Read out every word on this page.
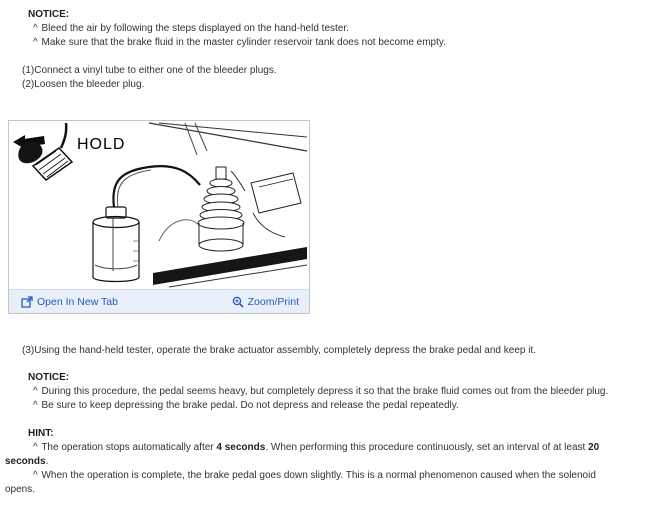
NOTICE:

^ Bleed the air by following the steps displayed on the hand-held tester.

^ Make sure that the brake fluid in the master cylinder reservoir tank does not become empty.

(1)Connect a vinyl tube to either one of the bleeder plugs.

(2)Loosen the bleeder plug.

HOLD
Open In New Tab	Zoom/Print

(3)Using the hand-held tester, operate the brake actuator assembly, completely depress the brake pedal and keep it.

NOTICE:

^ During this procedure, the pedal seems heavy, but completely depress it so that the brake fluid comes out from the bleeder plug.

^ Be sure to keep depressing the brake pedal. Do not depress and release the pedal repeatedly.

HINT:

^ The operation stops automatically after 4 seconds. When performing this procedure continuously, set an interval of at least 20 seconds.

^ When the operation is complete, the brake pedal goes down slightly. This is a normal phenomenon caused when the solenoid opens.
